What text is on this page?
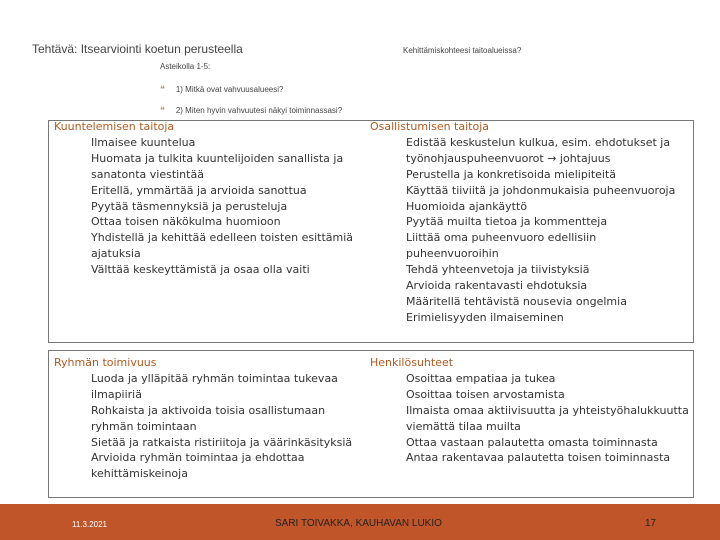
Tehtävä: Itsearviointi koetun perusteella	Kehittämiskohteesi taitoalueissa?
Asteikolla 1-5:
❝ 1) Mitkä ovat vahvuusalueesi?
❝ 2) Miten hyvin vahvuutesi näkyi toiminnassasi?
Kuuntelemisen taitoja
Ilmaisee kuuntelua
Huomata ja tulkita kuuntelijoiden sanallista ja sanatonta viestintää
Eritellä, ymmärtää ja arvioida sanottua
Pyytää täsmennyksiä ja perusteluja
Ottaa toisen näkökulma huomioon
Yhdistellä ja kehittää edelleen toisten esittämiä ajatuksia
Välttää keskeyttämistä ja osaa olla vaiti
Osallistumisen taitoja
Edistää keskustelun kulkua, esim. ehdotukset ja työnohjauspuheenvuorot → johtajuus
Perustella ja konkretisoida mielipiteitä
Käyttää tiiviitä ja johdonmukaisia puheenvuoroja
Huomioida ajankäyttö
Pyytää muilta tietoa ja kommentteja
Liittää oma puheenvuoro edellisiin puheenvuoroihin
Tehdä yhteenvetoja ja tiivistyksiä
Arvioida rakentavasti ehdotuksia
Määritellä tehtävistä nousevia ongelmia
Erimielisyyden ilmaiseminen
Ryhmän toimivuus
Luoda ja ylläpitää ryhmän toimintaa tukevaa ilmapiiriä
Rohkaista ja aktivoida toisia osallistumaan ryhmän toimintaan
Sietää ja ratkaista ristiriitoja ja väärinkäsityksiä
Arvioida ryhmän toimintaa ja ehdottaa kehittämiskeinoja
Henkilösuhteet
Osoittaa empatiaa ja tukea
Osoittaa toisen arvostamista
Ilmaista omaa aktiivisuutta ja yhteistyöhalukkuutta viemättä tilaa muilta
Ottaa vastaan palautetta omasta toiminnasta
Antaa rakentavaa palautetta toisen toiminnasta
11.3.2021	SARI TOIVAKKA, KAUHAVAN LUKIO	17
